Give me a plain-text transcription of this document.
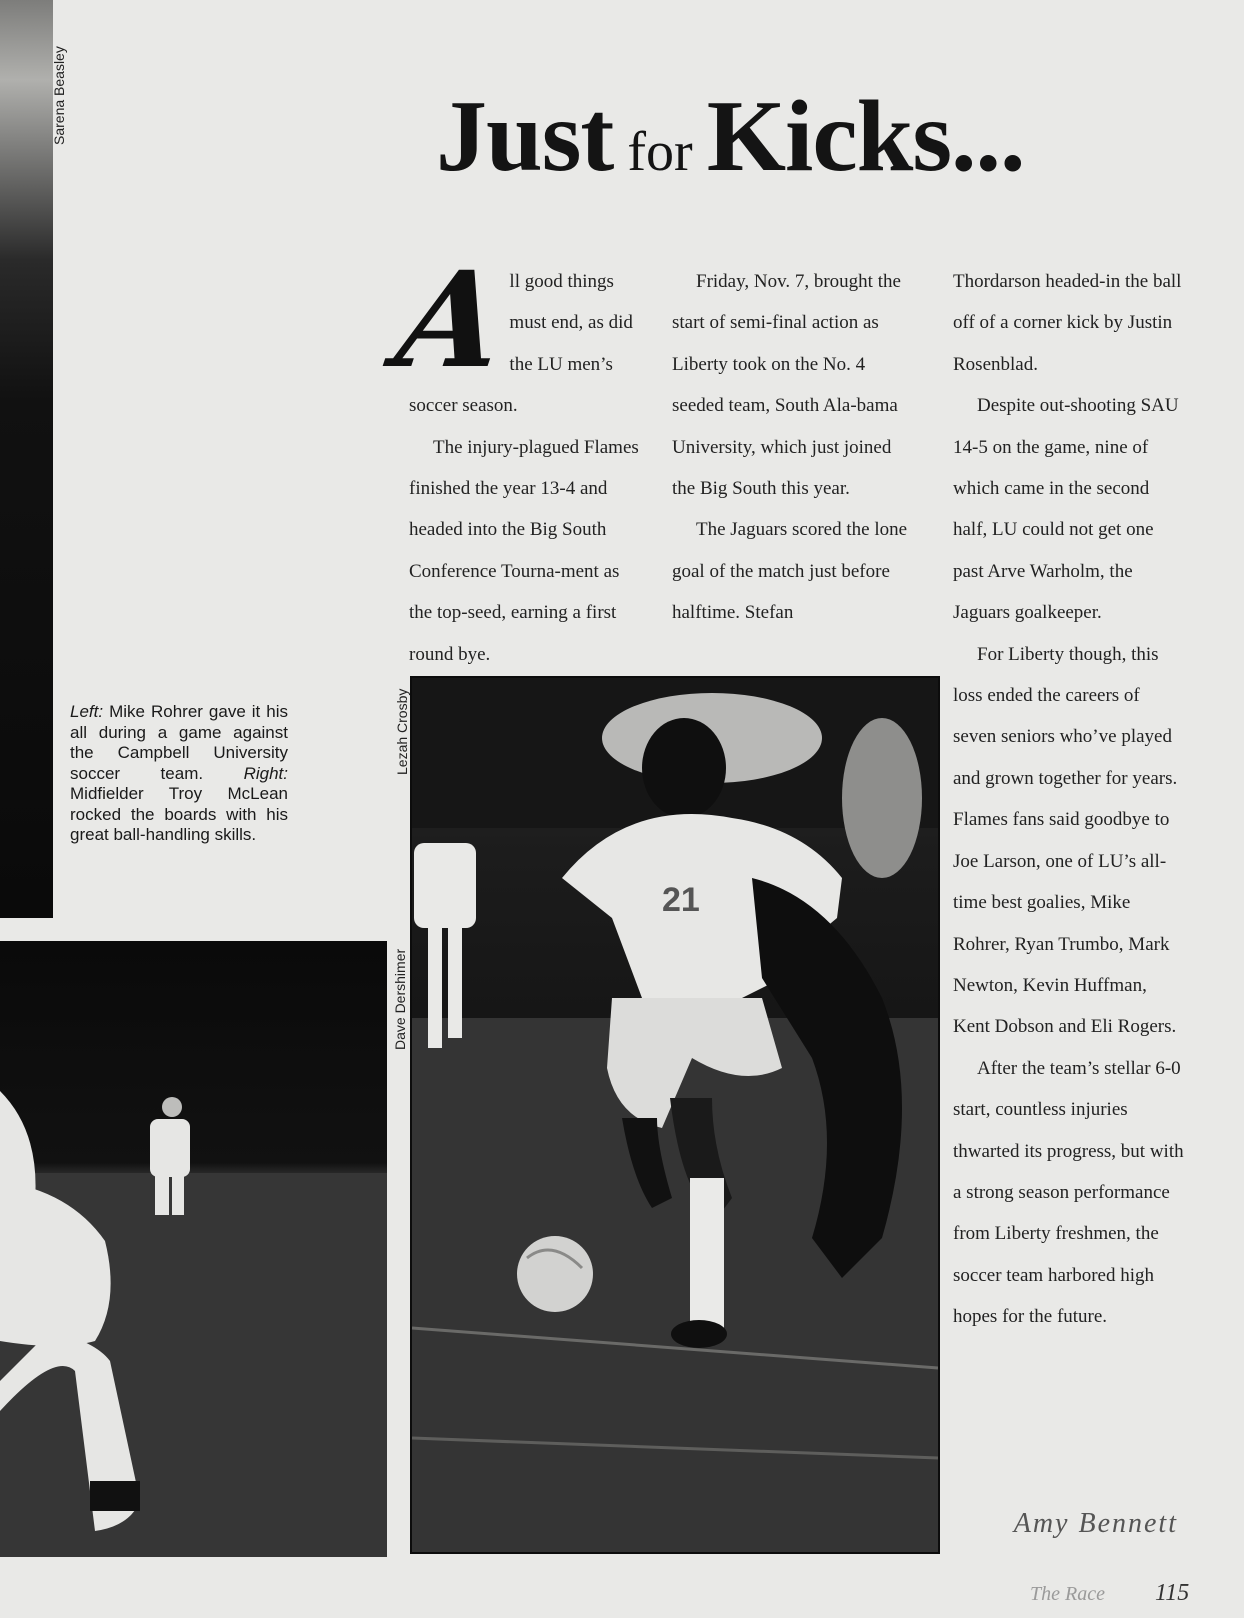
21
Sarena Beasley
Lezah Crosby
Dave Dershimer
Just for Kicks...
A

ll good things must end, as did the LU men’s soccer season.

The injury-plagued Flames finished the year 13-4 and headed into the Big South Conference Tourna-ment as the top-seed, earning a first round bye.

Friday, Nov. 7, brought the start of semi-final action as Liberty took on the No. 4 seeded team, South Ala-bama University, which just joined the Big South this year.

The Jaguars scored the lone goal of the match just before halftime. Stefan

Thordarson headed-in the ball off of a corner kick by Justin Rosenblad.

Despite out-shooting SAU 14-5 on the game, nine of which came in the second half, LU could not get one past Arve Warholm, the Jaguars goalkeeper.

For Liberty though, this loss ended the careers of seven seniors who’ve played and grown together for years. Flames fans said goodbye to Joe Larson, one of LU’s all-time best goalies, Mike Rohrer, Ryan Trumbo, Mark Newton, Kevin Huffman, Kent Dobson and Eli Rogers.

After the team’s stellar 6-0 start, countless injuries thwarted its progress, but with a strong season performance from Liberty freshmen, the soccer team harbored high hopes for the future.

Left: Mike Rohrer gave it his all during a game against the Campbell University soccer team. Right: Midfielder Troy McLean rocked the boards with his great ball-handling skills.
Amy Bennett
The Race 115
